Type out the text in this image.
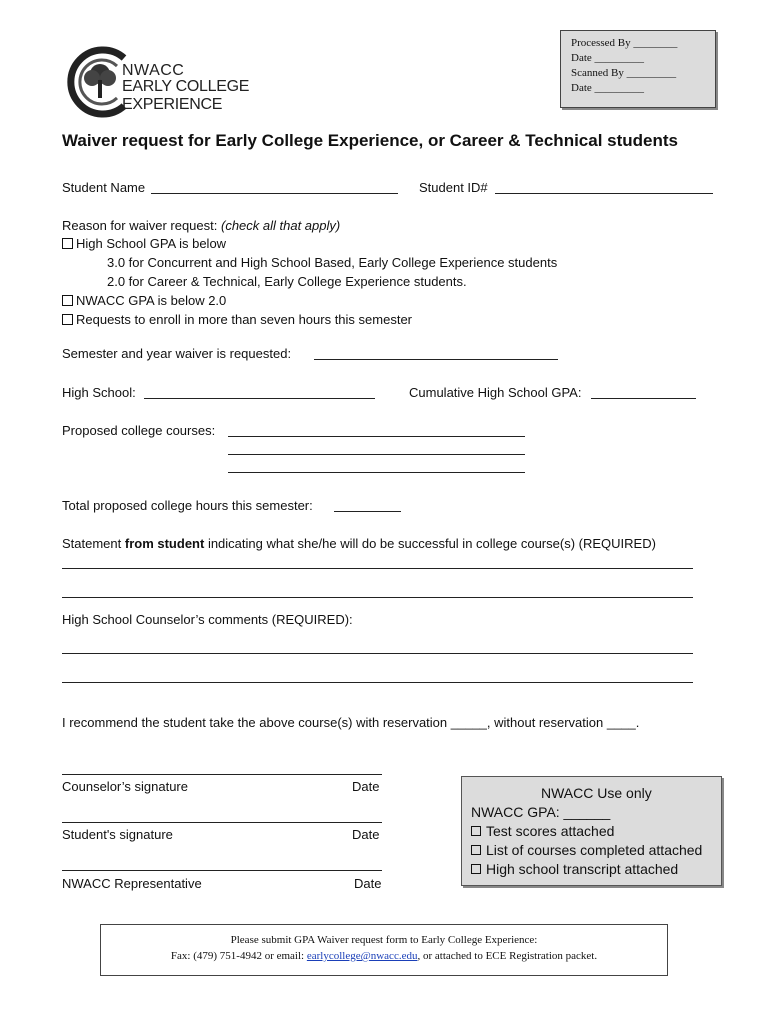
NWACC
EARLY COLLEGE EXPERIENCE
Processed By ________
Date _________
Scanned By _________
Date _________
Waiver request for Early College Experience, or Career & Technical students
Student Name	Student ID#
Reason for waiver request: (check all that apply)
High School GPA is below
3.0 for Concurrent and High School Based, Early College Experience students
2.0 for Career & Technical, Early College Experience students.
NWACC GPA is below 2.0
Requests to enroll in more than seven hours this semester
Semester and year waiver is requested:
High School:	Cumulative High School GPA:
Proposed college courses:
Total proposed college hours this semester:
Statement from student indicating what she/he will do be successful in college course(s) (REQUIRED)
High School Counselor’s comments (REQUIRED):
I recommend the student take the above course(s) with reservation _____, without reservation ____.
Counselor’s signature	Date
Student's signature	Date
NWACC Representative	Date
NWACC Use only
NWACC GPA: ______
Test scores attached
List of courses completed attached
High school transcript attached
Please submit GPA Waiver request form to Early College Experience:
Fax: (479) 751-4942 or email: earlycollege@nwacc.edu, or attached to ECE Registration packet.
